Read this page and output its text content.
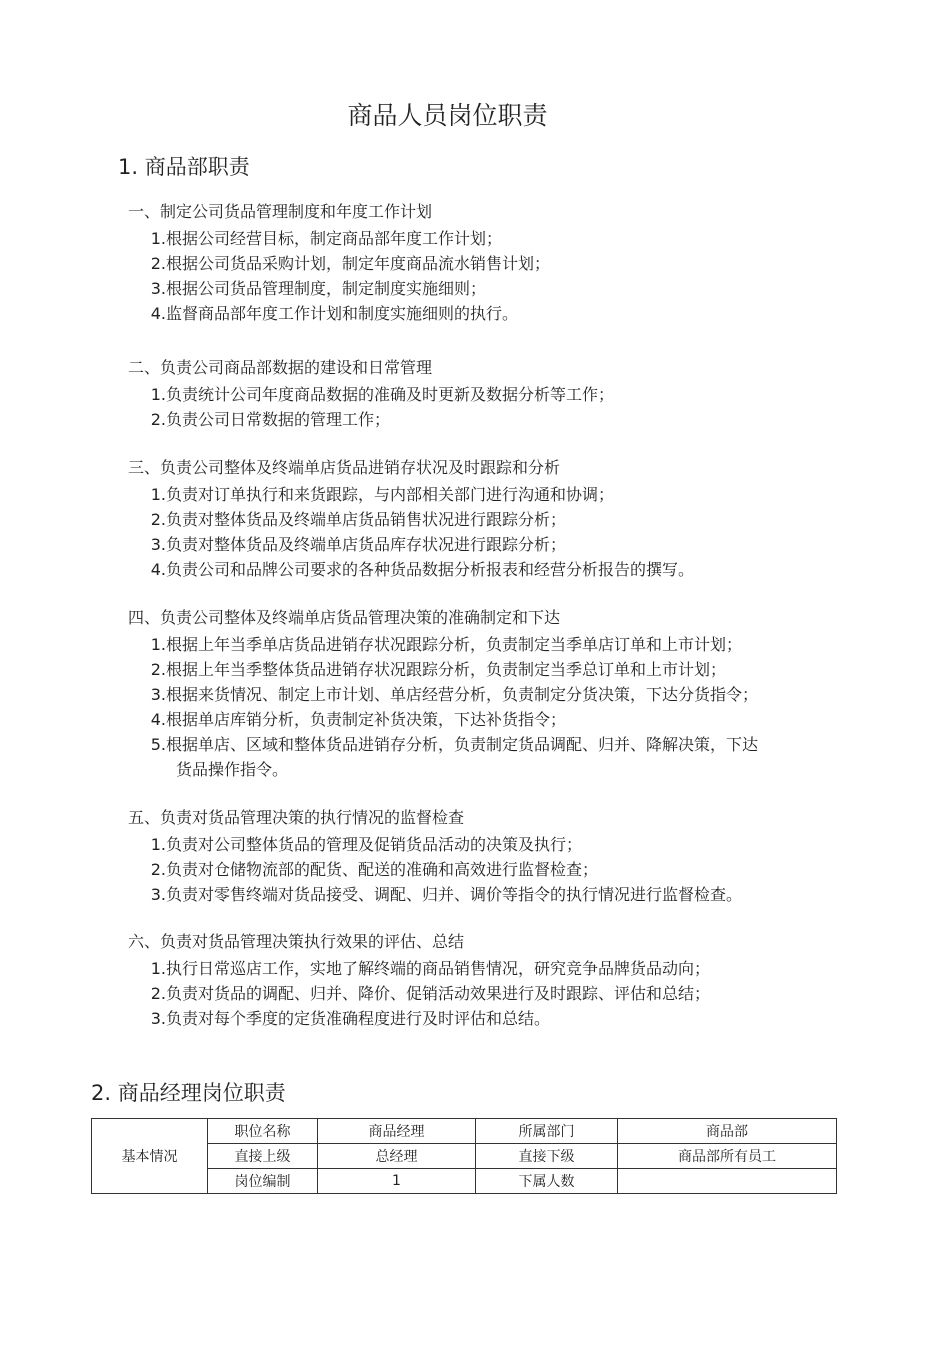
商品人员岗位职责
1. 商品部职责
一、制定公司货品管理制度和年度工作计划
1. 根据公司经营目标，制定商品部年度工作计划；
2. 根据公司货品采购计划，制定年度商品流水销售计划；
3. 根据公司货品管理制度，制定制度实施细则；
4. 监督商品部年度工作计划和制度实施细则的执行。
二、负责公司商品部数据的建设和日常管理
1. 负责统计公司年度商品数据的准确及时更新及数据分析等工作；
2. 负责公司日常数据的管理工作；
三、负责公司整体及终端单店货品进销存状况及时跟踪和分析
1. 负责对订单执行和来货跟踪，与内部相关部门进行沟通和协调；
2. 负责对整体货品及终端单店货品销售状况进行跟踪分析；
3. 负责对整体货品及终端单店货品库存状况进行跟踪分析；
4. 负责公司和品牌公司要求的各种货品数据分析报表和经营分析报告的撰写。
四、负责公司整体及终端单店货品管理决策的准确制定和下达
1. 根据上年当季单店货品进销存状况跟踪分析，负责制定当季单店订单和上市计划；
2. 根据上年当季整体货品进销存状况跟踪分析，负责制定当季总订单和上市计划；
3. 根据来货情况、制定上市计划、单店经营分析，负责制定分货决策，下达分货指令；
4. 根据单店库销分析，负责制定补货决策，下达补货指令；
5. 根据单店、区域和整体货品进销存分析，负责制定货品调配、归并、降解决策，下达
货品操作指令。
五、负责对货品管理决策的执行情况的监督检查
1. 负责对公司整体货品的管理及促销货品活动的决策及执行；
2. 负责对仓储物流部的配货、配送的准确和高效进行监督检查；
3. 负责对零售终端对货品接受、调配、归并、调价等指令的执行情况进行监督检查。
六、负责对货品管理决策执行效果的评估、总结
1. 执行日常巡店工作，实地了解终端的商品销售情况，研究竞争品牌货品动向；
2. 负责对货品的调配、归并、降价、促销活动效果进行及时跟踪、评估和总结；
3. 负责对每个季度的定货准确程度进行及时评估和总结。
2. 商品经理岗位职责
基本情况	职位名称	商品经理	所属部门	商品部
	直接上级	总经理	直接下级	商品部所有员工
	岗位编制	1	下属人数	
